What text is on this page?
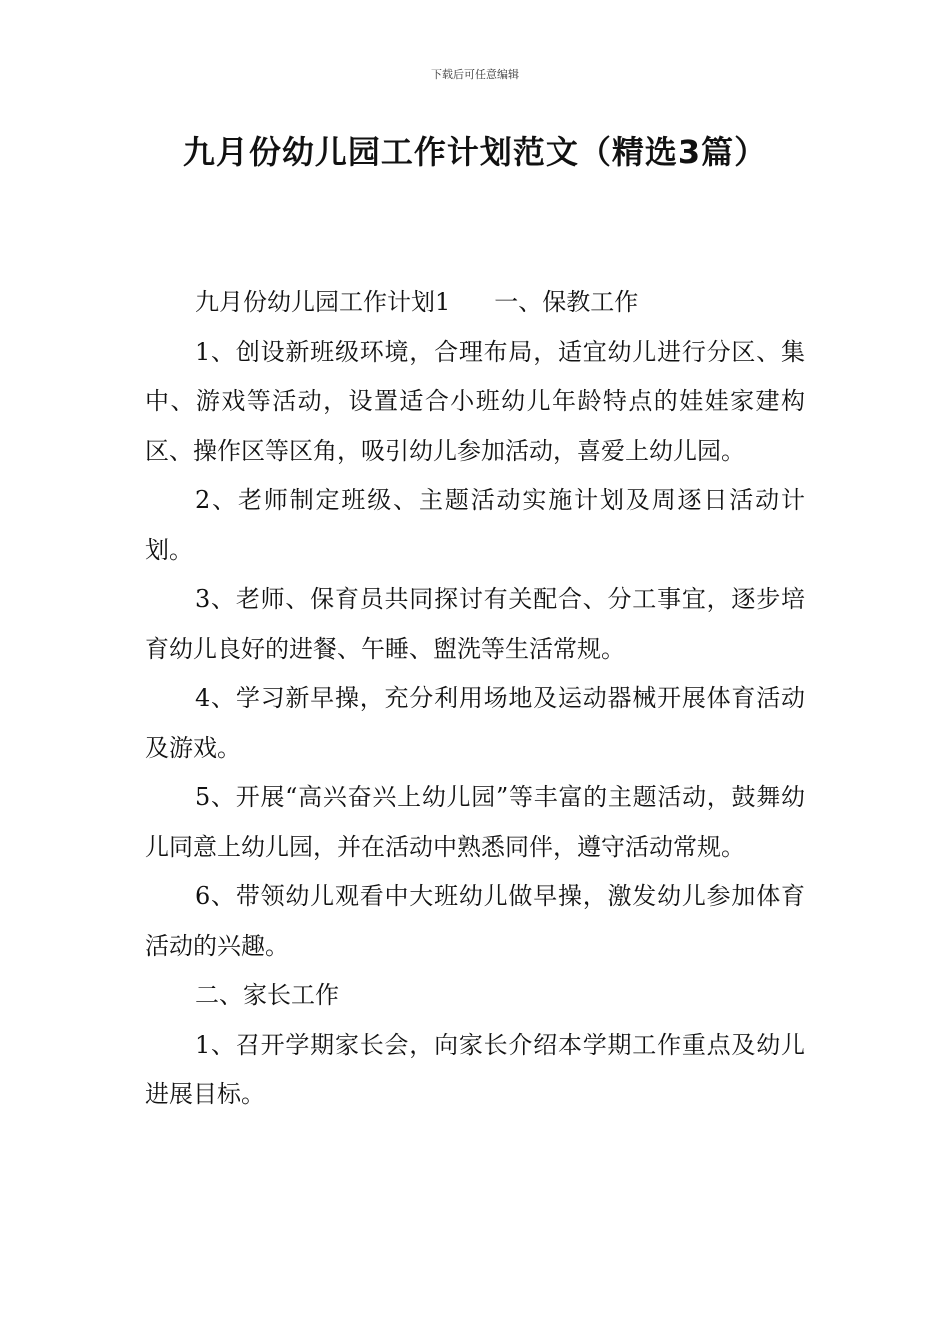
下载后可任意编辑
九月份幼儿园工作计划范文（精选3篇）

九月份幼儿园工作计划1 一、保教工作

1、创设新班级环境，合理布局，适宜幼儿进行分区、集中、游戏等活动，设置适合小班幼儿年龄特点的娃娃家建构区、操作区等区角，吸引幼儿参加活动，喜爱上幼儿园。

2、老师制定班级、主题活动实施计划及周逐日活动计划。

3、老师、保育员共同探讨有关配合、分工事宜，逐步培育幼儿良好的进餐、午睡、盥洗等生活常规。

4、学习新早操，充分利用场地及运动器械开展体育活动及游戏。

5、开展“高兴奋兴上幼儿园”等丰富的主题活动，鼓舞幼儿同意上幼儿园，并在活动中熟悉同伴，遵守活动常规。

6、带领幼儿观看中大班幼儿做早操，激发幼儿参加体育活动的兴趣。

二、家长工作

1、召开学期家长会，向家长介绍本学期工作重点及幼儿进展目标。
